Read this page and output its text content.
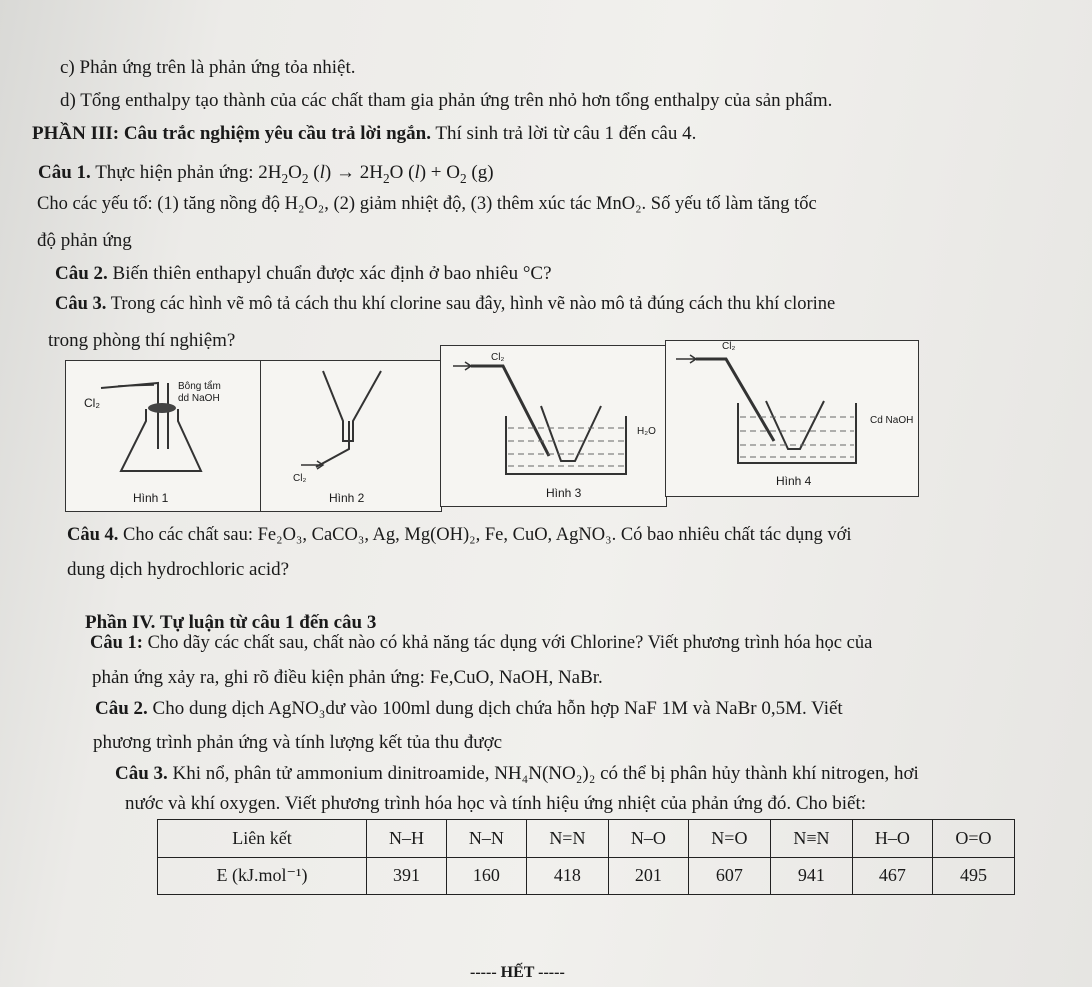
c) Phản ứng trên là phản ứng tỏa nhiệt.
d) Tổng enthalpy tạo thành của các chất tham gia phản ứng trên nhỏ hơn tổng enthalpy của sản phẩm.
PHẦN III: Câu trắc nghiệm yêu cầu trả lời ngắn. Thí sinh trả lời từ câu 1 đến câu 4.
Câu 1. Thực hiện phản ứng: $2H_2O_2$ $(l) \to 2H_2O$ $(l) + O_2$ (g)
Cho các yếu tố: (1) tăng nồng độ H₂O₂, (2) giảm nhiệt độ, (3) thêm xúc tác MnO₂. Số yếu tố làm tăng tốc
độ phản ứng
Câu 2. Biến thiên enthapyl chuẩn được xác định ở bao nhiêu °C?
Câu 3. Trong các hình vẽ mô tả cách thu khí clorine sau đây, hình vẽ nào mô tả đúng cách thu khí clorine
trong phòng thí nghiệm?
Cl₂
Bông tẩm
dd NaOH
Hình 1
Cl₂
Hình 2
Cl₂
H₂O
Hình 3
Cl₂
Cd NaOH
Hình 4
Câu 4. Cho các chất sau: Fe₂O₃, CaCO₃, Ag, Mg(OH)₂, Fe, CuO, AgNO₃. Có bao nhiêu chất tác dụng với
dung dịch hydrochloric acid?
Phần IV. Tự luận từ câu 1 đến câu 3
Câu 1: Cho dãy các chất sau, chất nào có khả năng tác dụng với Chlorine? Viết phương trình hóa học của
phản ứng xảy ra, ghi rõ điều kiện phản ứng: Fe,CuO, NaOH, NaBr.
Câu 2. Cho dung dịch AgNO₃dư vào 100ml dung dịch chứa hỗn hợp NaF 1M và NaBr 0,5M. Viết
phương trình phản ứng và tính lượng kết tủa thu được
Câu 3. Khi nổ, phân tử ammonium dinitroamide, NH₄N(NO₂)₂ có thể bị phân hủy thành khí nitrogen, hơi
nước và khí oxygen. Viết phương trình hóa học và tính hiệu ứng nhiệt của phản ứng đó. Cho biết:
Liên kết	N–H	N–N	N=N	N–O	N=O	N≡N	H–O	O=O
E (kJ.mol⁻¹)	391	160	418	201	607	941	467	495
----- HẾT -----
